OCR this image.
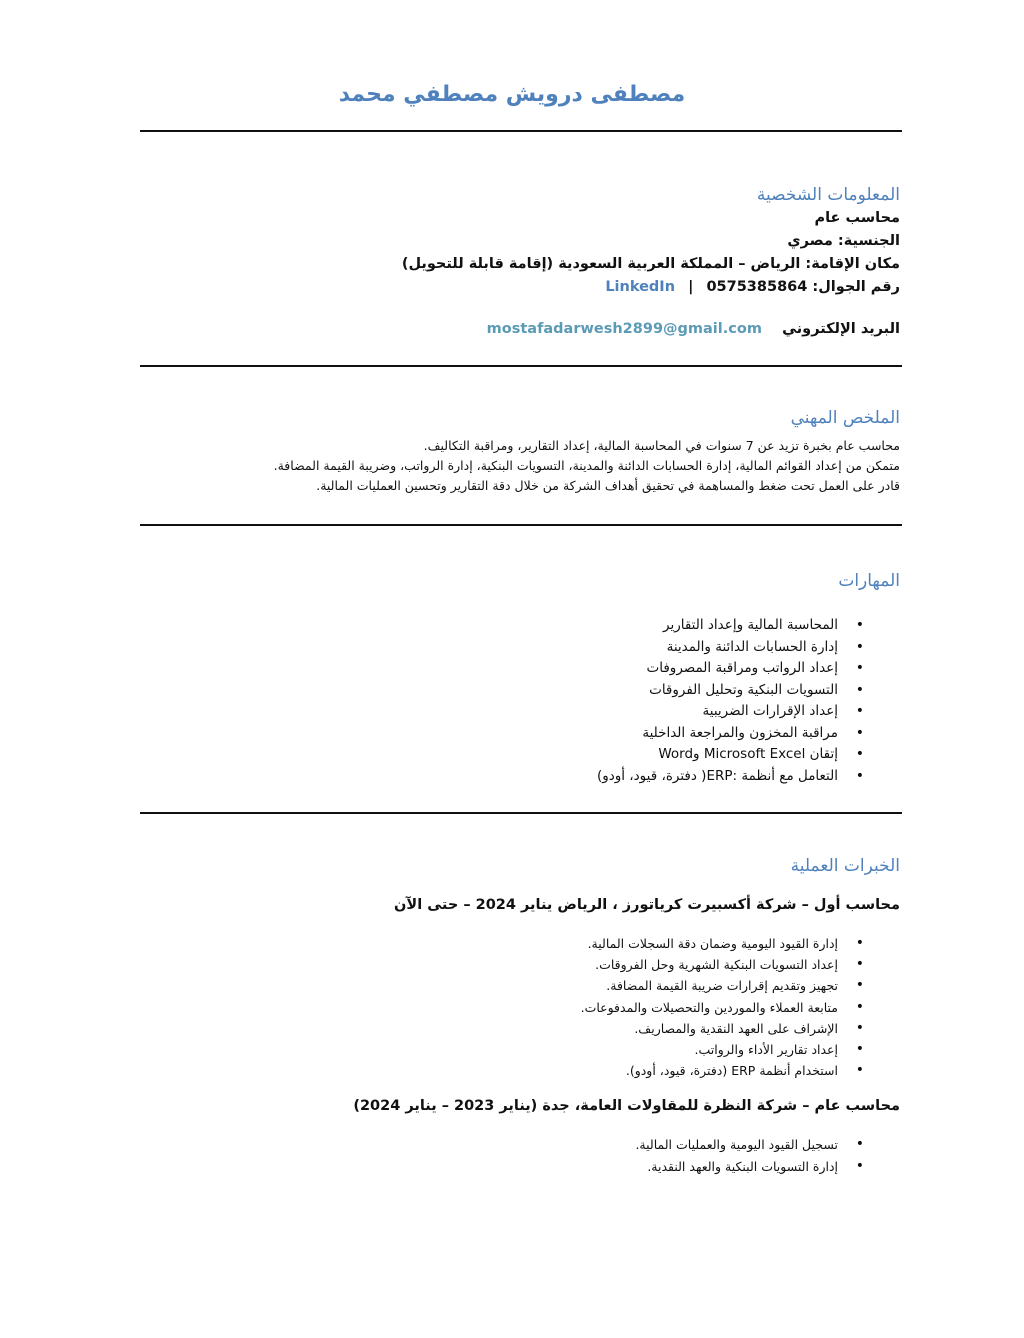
مصطفى درويش مصطفي محمد
المعلومات الشخصية
محاسب عام
الجنسية: مصري
مكان الإقامة: الرياض – المملكة العربية السعودية (إقامة قابلة للتحويل)
رقم الجوال: 0575385864 | LinkedIn
البريد الإلكتروني  mostafadarwesh2899@gmail.com
الملخص المهني
محاسب عام بخبرة تزيد عن 7 سنوات في المحاسبة المالية، إعداد التقارير، ومراقبة التكاليف.
متمكن من إعداد القوائم المالية، إدارة الحسابات الدائنة والمدينة، التسويات البنكية، إدارة الرواتب، وضريبة القيمة المضافة.
قادر على العمل تحت ضغط والمساهمة في تحقيق أهداف الشركة من خلال دقة التقارير وتحسين العمليات المالية.
المهارات
• المحاسبة المالية وإعداد التقارير
• إدارة الحسابات الدائنة والمدينة
• إعداد الرواتب ومراقبة المصروفات
• التسويات البنكية وتحليل الفروقات
• إعداد الإقرارات الضريبية
• مراقبة المخزون والمراجعة الداخلية
• إتقان Microsoft Excel وWord
• التعامل مع أنظمة :ERP( دفترة، قيود، أودو)
الخبرات العملية
محاسب أول – شركة أكسبيرت كرياتورز ، الرياض يناير 2024 – حتى الآن
• إدارة القيود اليومية وضمان دقة السجلات المالية.
• إعداد التسويات البنكية الشهرية وحل الفروقات.
• تجهيز وتقديم إقرارات ضريبة القيمة المضافة.
• متابعة العملاء والموردين والتحصيلات والمدفوعات.
• الإشراف على العهد النقدية والمصاريف.
• إعداد تقارير الأداء والرواتب.
• استخدام أنظمة ERP (دفترة، قيود، أودو).
محاسب عام – شركة النظرة للمقاولات العامة، جدة (يناير 2023 – يناير 2024)
• تسجيل القيود اليومية والعمليات المالية.
• إدارة التسويات البنكية والعهد النقدية.
